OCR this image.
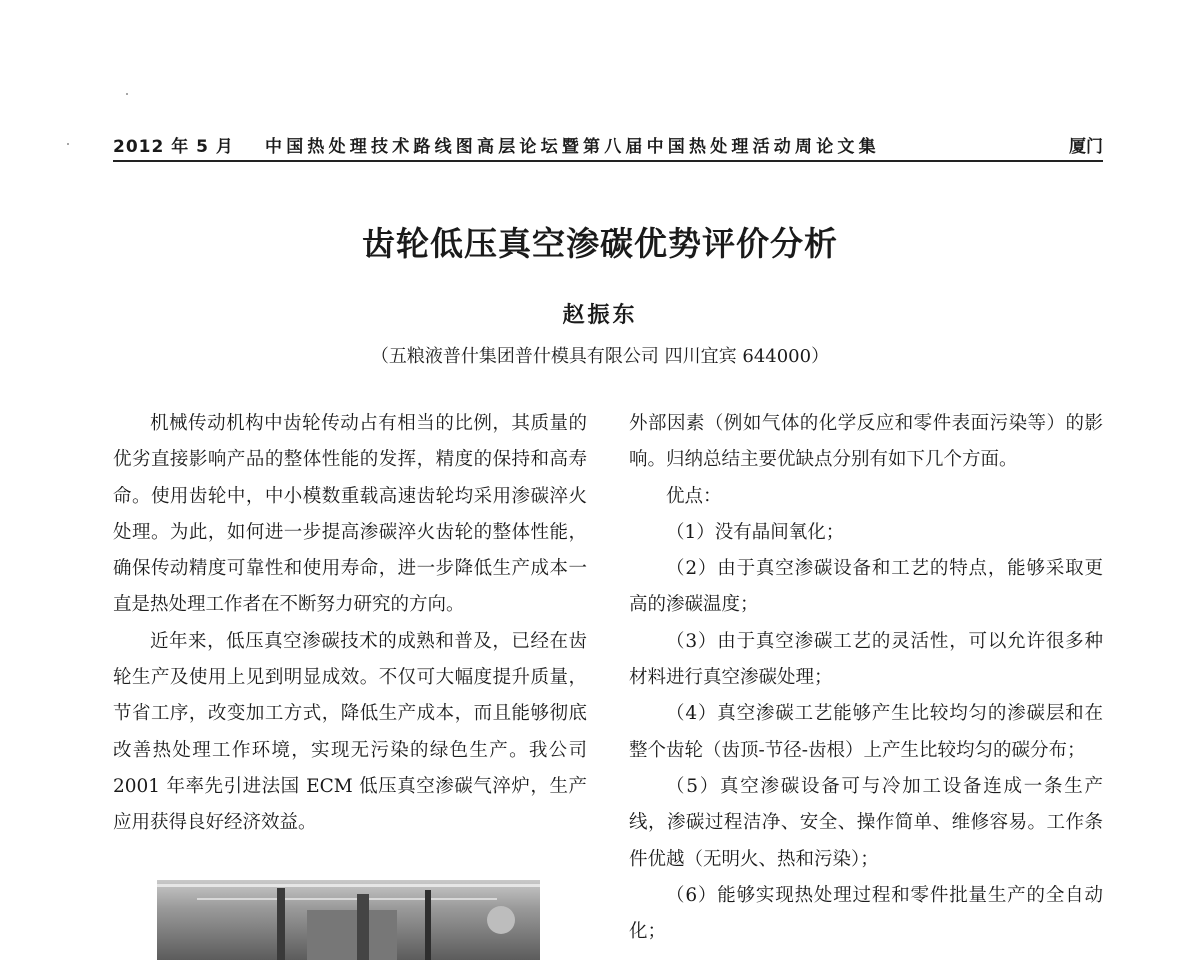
2012 年 5 月 中国热处理技术路线图高层论坛暨第八届中国热处理活动周论文集	厦门
齿轮低压真空渗碳优势评价分析
赵振东
（五粮液普什集团普什模具有限公司 四川宜宾 644000）

机械传动机构中齿轮传动占有相当的比例，其质量的优劣直接影响产品的整体性能的发挥，精度的保持和高寿命。使用齿轮中，中小模数重载高速齿轮均采用渗碳淬火处理。为此，如何进一步提高渗碳淬火齿轮的整体性能，确保传动精度可靠性和使用寿命，进一步降低生产成本一直是热处理工作者在不断努力研究的方向。

近年来，低压真空渗碳技术的成熟和普及，已经在齿轮生产及使用上见到明显成效。不仅可大幅度提升质量，节省工序，改变加工方式，降低生产成本，而且能够彻底改善热处理工作环境，实现无污染的绿色生产。我公司 2001 年率先引进法国 ECM 低压真空渗碳气淬炉，生产应用获得良好经济效益。

外部因素（例如气体的化学反应和零件表面污染等）的影响。归纳总结主要优缺点分别有如下几个方面。

优点：

（1）没有晶间氧化；

（2）由于真空渗碳设备和工艺的特点，能够采取更高的渗碳温度；

（3）由于真空渗碳工艺的灵活性，可以允许很多种材料进行真空渗碳处理；

（4）真空渗碳工艺能够产生比较均匀的渗碳层和在整个齿轮（齿顶-节径-齿根）上产生比较均匀的碳分布；

（5）真空渗碳设备可与冷加工设备连成一条生产线，渗碳过程洁净、安全、操作简单、维修容易。工作条件优越（无明火、热和污染）；

（6）能够实现热处理过程和零件批量生产的全自动化；
